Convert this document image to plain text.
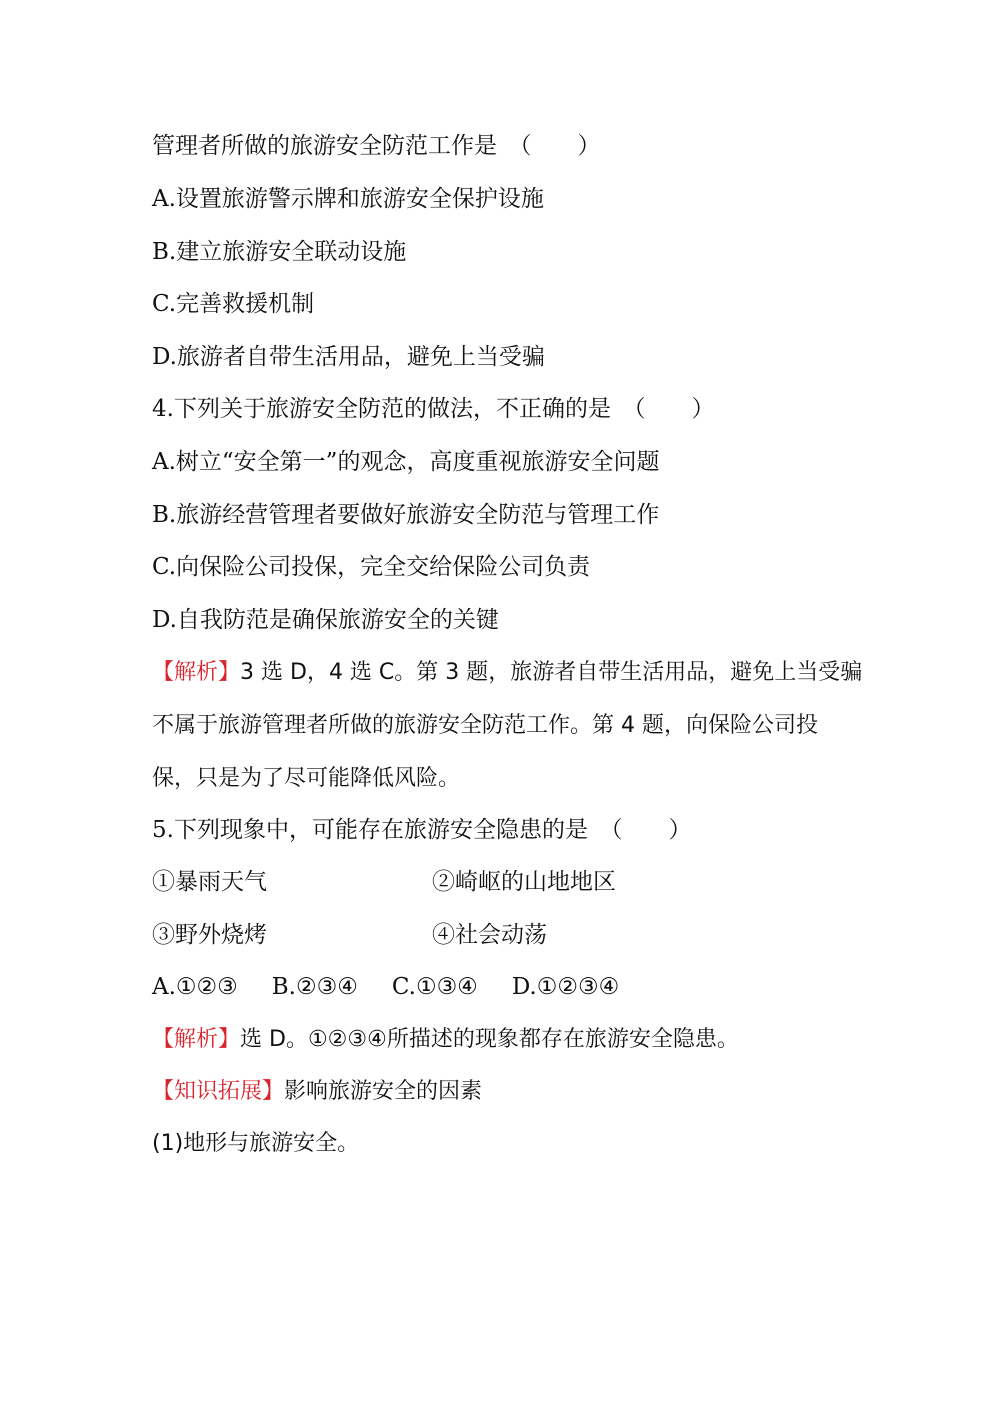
管理者所做的旅游安全防范工作是　（　　）
A.设置旅游警示牌和旅游安全保护设施
B.建立旅游安全联动设施
C.完善救援机制
D.旅游者自带生活用品，避免上当受骗
4.下列关于旅游安全防范的做法，不正确的是　（　　）
A.树立“安全第一”的观念，高度重视旅游安全问题
B.旅游经营管理者要做好旅游安全防范与管理工作
C.向保险公司投保，完全交给保险公司负责
D.自我防范是确保旅游安全的关键
【解析】3 选 D，4 选 C。第 3 题，旅游者自带生活用品，避免上当受骗
不属于旅游管理者所做的旅游安全防范工作。第 4 题，向保险公司投
保，只是为了尽可能降低风险。
5.下列现象中，可能存在旅游安全隐患的是　（　　）
①暴雨天气	②崎岖的山地地区
③野外烧烤	④社会动荡
A.①②③ B.②③④ C.①③④ D.①②③④
【解析】选 D。①②③④所描述的现象都存在旅游安全隐患。
【知识拓展】影响旅游安全的因素
(1)地形与旅游安全。
